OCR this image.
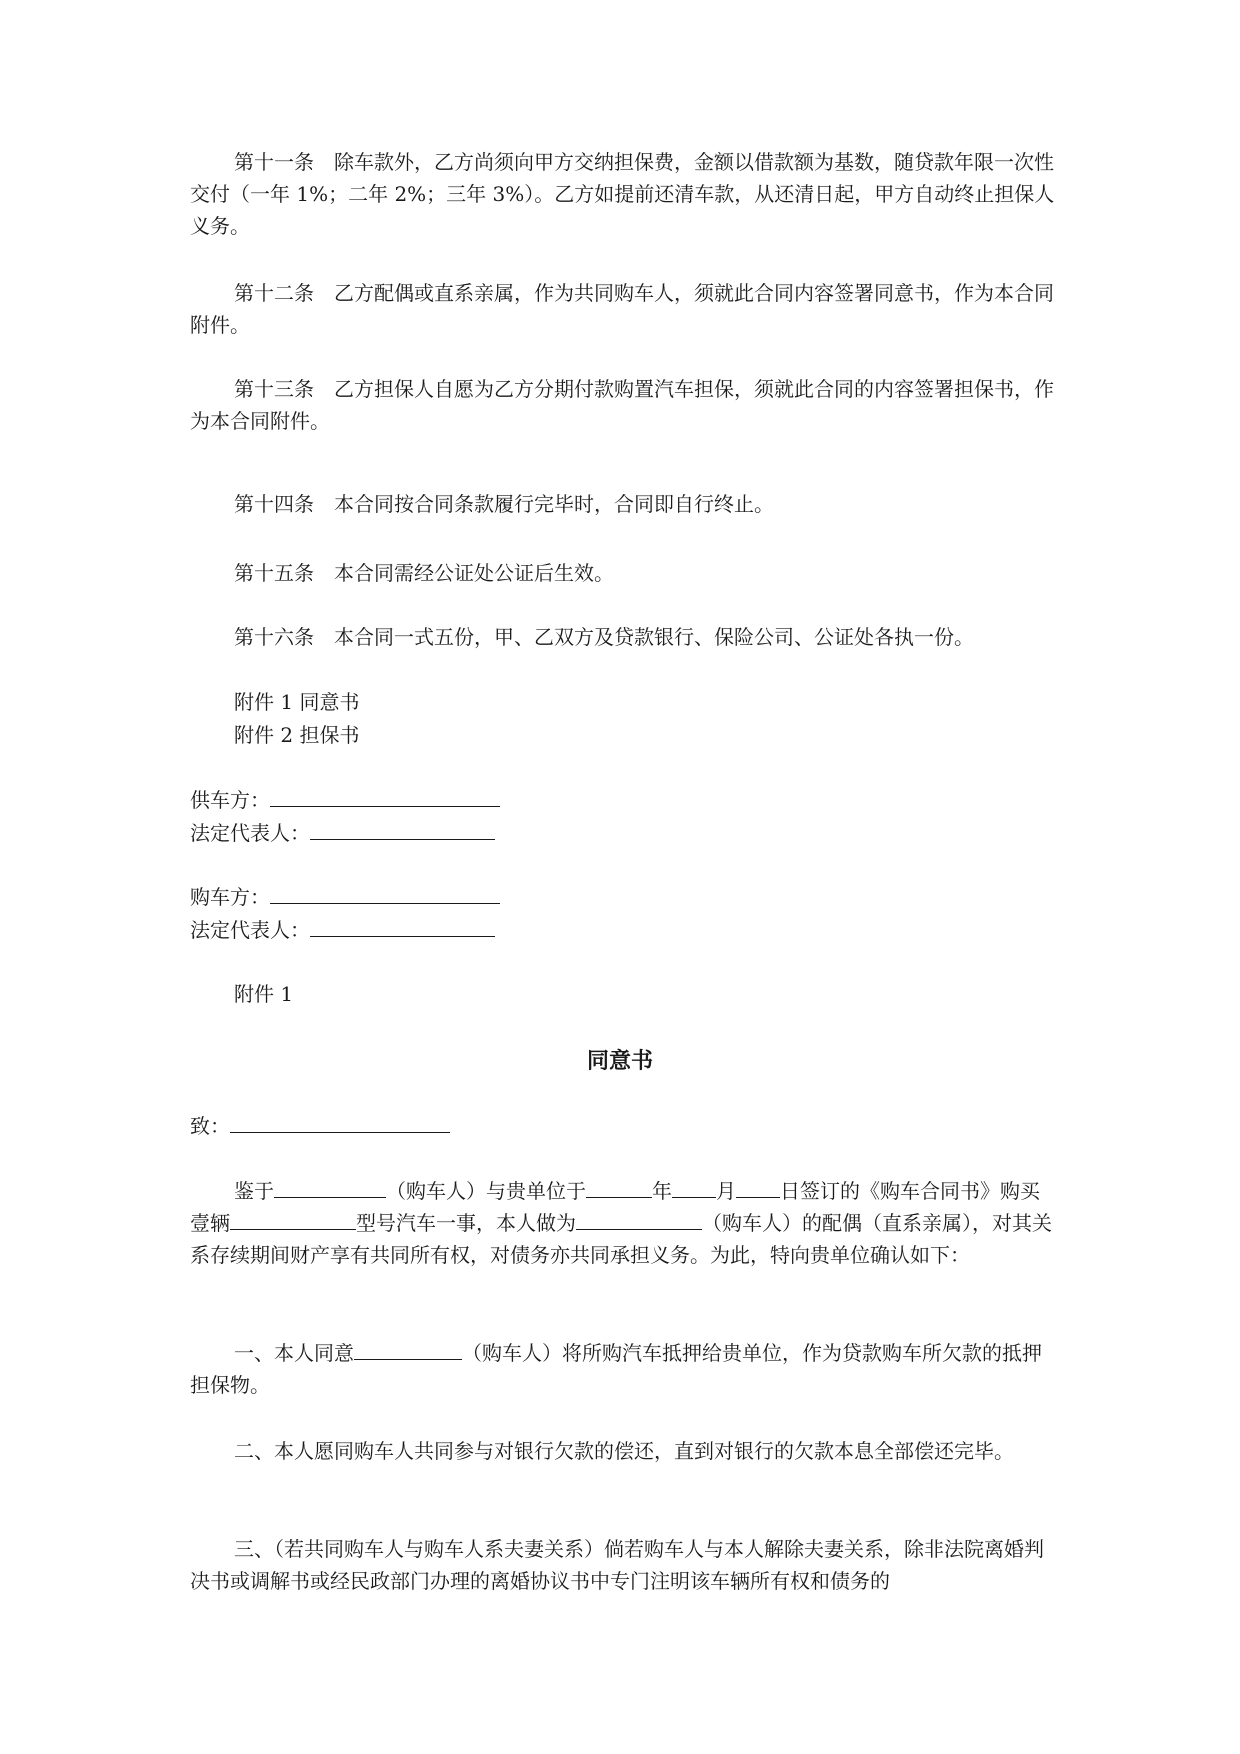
第十一条 除车款外，乙方尚须向甲方交纳担保费，金额以借款额为基数，随贷款年限一次性交付（一年 1%；二年 2%；三年 3%）。乙方如提前还清车款，从还清日起，甲方自动终止担保人义务。

第十二条 乙方配偶或直系亲属，作为共同购车人，须就此合同内容签署同意书，作为本合同附件。

第十三条 乙方担保人自愿为乙方分期付款购置汽车担保，须就此合同的内容签署担保书，作为本合同附件。

第十四条 本合同按合同条款履行完毕时，合同即自行终止。

第十五条 本合同需经公证处公证后生效。

第十六条 本合同一式五份，甲、乙双方及贷款银行、保险公司、公证处各执一份。

附件 1 同意书

附件 2 担保书

供车方：

法定代表人：

购车方：

法定代表人：

附件 1

同意书

致：

鉴于	（购车人）与贵单位于	年 月 日签订的《购车合同书》购买壹辆	型号汽车一事，本人做为	（购车人）的配偶（直系亲属），对其关系存续期间财产享有共同所有权，对债务亦共同承担义务。为此，特向贵单位确认如下：

一、本人同意	（购车人）将所购汽车抵押给贵单位，作为贷款购车所欠款的抵押担保物。

二、本人愿同购车人共同参与对银行欠款的偿还，直到对银行的欠款本息全部偿还完毕。

三、（若共同购车人与购车人系夫妻关系）倘若购车人与本人解除夫妻关系，除非法院离婚判决书或调解书或经民政部门办理的离婚协议书中专门注明该车辆所有权和债务的
